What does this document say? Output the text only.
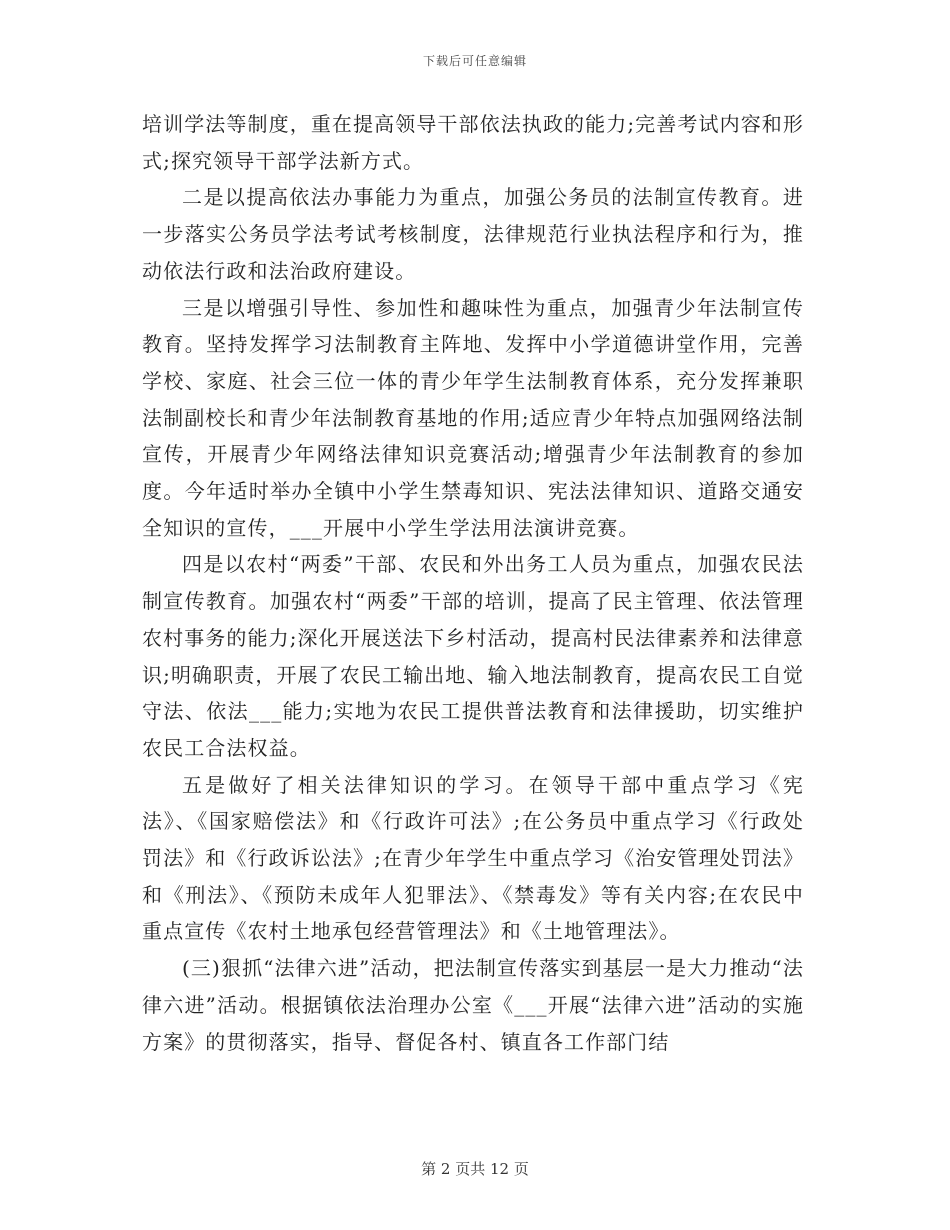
下载后可任意编辑

培训学法等制度，重在提高领导干部依法执政的能力;完善考试内容和形式;探究领导干部学法新方式。

二是以提高依法办事能力为重点，加强公务员的法制宣传教育。进一步落实公务员学法考试考核制度，法律规范行业执法程序和行为，推动依法行政和法治政府建设。

三是以增强引导性、参加性和趣味性为重点，加强青少年法制宣传教育。坚持发挥学习法制教育主阵地、发挥中小学道德讲堂作用，完善学校、家庭、社会三位一体的青少年学生法制教育体系，充分发挥兼职法制副校长和青少年法制教育基地的作用;适应青少年特点加强网络法制宣传，开展青少年网络法律知识竞赛活动;增强青少年法制教育的参加度。今年适时举办全镇中小学生禁毒知识、宪法法律知识、道路交通安全知识的宣传，___开展中小学生学法用法演讲竞赛。

四是以农村“两委”干部、农民和外出务工人员为重点，加强农民法制宣传教育。加强农村“两委”干部的培训，提高了民主管理、依法管理农村事务的能力;深化开展送法下乡村活动，提高村民法律素养和法律意识;明确职责，开展了农民工输出地、输入地法制教育，提高农民工自觉守法、依法___能力;实地为农民工提供普法教育和法律援助，切实维护农民工合法权益。

五是做好了相关法律知识的学习。在领导干部中重点学习《宪法》、《国家赔偿法》和《行政许可法》;在公务员中重点学习《行政处罚法》和《行政诉讼法》;在青少年学生中重点学习《治安管理处罚法》和《刑法》、《预防未成年人犯罪法》、《禁毒发》等有关内容;在农民中重点宣传《农村土地承包经营管理法》和《土地管理法》。

(三)狠抓“法律六进”活动，把法制宣传落实到基层一是大力推动“法律六进”活动。根据镇依法治理办公室《___开展“法律六进”活动的实施方案》的贯彻落实，指导、督促各村、镇直各工作部门结

第 2 页共 12 页
